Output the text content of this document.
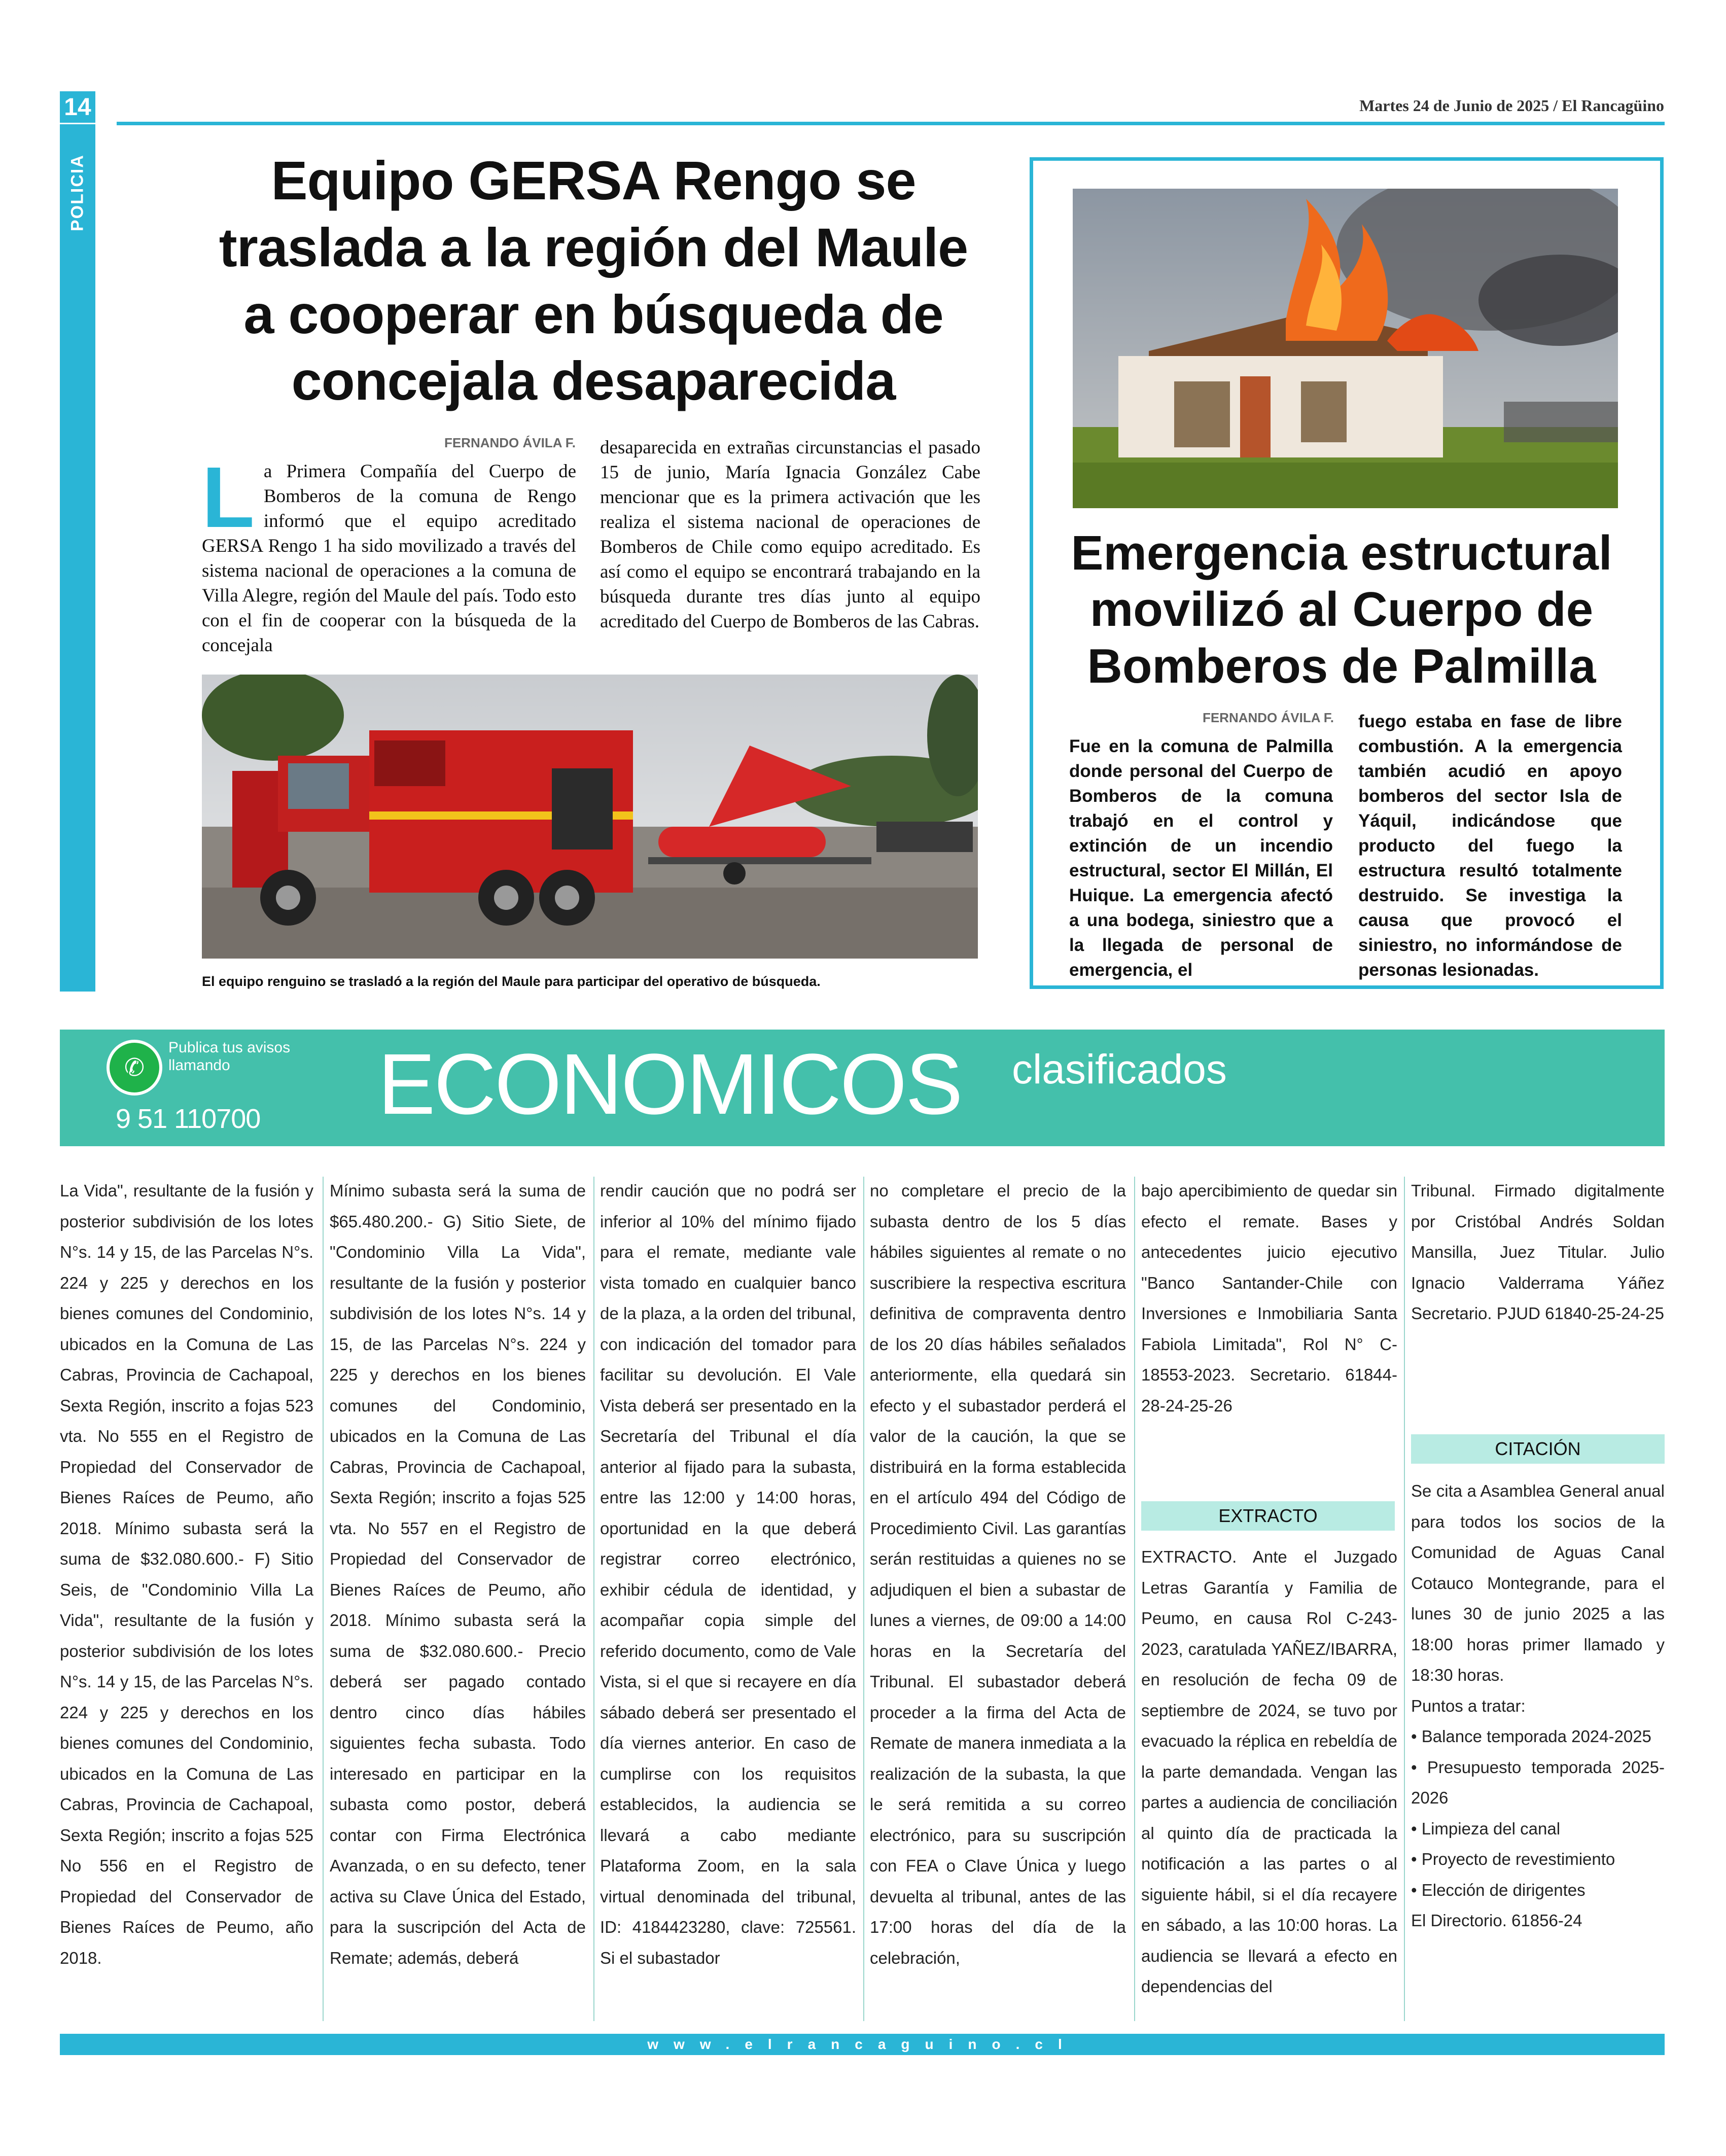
14
POLICIA
Martes 24 de Junio de 2025 / El Rancagüino
Equipo GERSA Rengo se traslada a la región del Maule a cooperar en búsqueda de concejala desaparecida
FERNANDO ÁVILA F.
La Primera Compañía del Cuerpo de Bomberos de la comuna de Rengo informó que el equipo acreditado GERSA Rengo 1 ha sido movilizado a través del sistema nacional de operaciones a la comuna de Villa Alegre, región del Maule del país. Todo esto con el fin de cooperar con la búsqueda de la concejala
desaparecida en extrañas circunstancias el pasado 15 de junio, María Ignacia González Cabe mencionar que es la primera activación que les realiza el sistema nacional de operaciones de Bomberos de Chile como equipo acreditado. Es así como el equipo se encontrará trabajando en la búsqueda durante tres días junto al equipo acreditado del Cuerpo de Bomberos de las Cabras.
El equipo renguino se trasladó a la región del Maule para participar del operativo de búsqueda.
Emergencia estructural movilizó al Cuerpo de Bomberos de Palmilla
FERNANDO ÁVILA F.
Fue en la comuna de Palmilla donde personal del Cuerpo de Bomberos de la comuna trabajó en el control y extinción de un incendio estructural, sector El Millán, El Huique. La emergencia afectó a una bodega, siniestro que a la llegada de personal de emergencia, el
fuego estaba en fase de libre combustión. A la emergencia también acudió en apoyo bomberos del sector Isla de Yáquil, indicándose que producto del fuego la estructura resultó totalmente destruido. Se investiga la causa que provocó el siniestro, no informándose de personas lesionadas.
✆
Publica tus avisos llamando
9 51 110700 ECONOMICOS clasificados
La Vida", resultante de la fusión y posterior subdivisión de los lotes N°s. 14 y 15, de las Parcelas N°s. 224 y 225 y derechos en los bienes comunes del Condominio, ubicados en la Comuna de Las Cabras, Provincia de Cachapoal, Sexta Región, inscrito a fojas 523 vta. No 555 en el Registro de Propiedad del Conservador de Bienes Raíces de Peumo, año 2018. Mínimo subasta será la suma de $32.080.600.- F) Sitio Seis, de "Condominio Villa La Vida", resultante de la fusión y posterior subdivisión de los lotes N°s. 14 y 15, de las Parcelas N°s. 224 y 225 y derechos en los bienes comunes del Condominio, ubicados en la Comuna de Las Cabras, Provincia de Cachapoal, Sexta Región; inscrito a fojas 525 No 556 en el Registro de Propiedad del Conservador de Bienes Raíces de Peumo, año 2018.
Mínimo subasta será la suma de $65.480.200.- G) Sitio Siete, de "Condominio Villa La Vida", resultante de la fusión y posterior subdivisión de los lotes N°s. 14 y 15, de las Parcelas N°s. 224 y 225 y derechos en los bienes comunes del Condominio, ubicados en la Comuna de Las Cabras, Provincia de Cachapoal, Sexta Región; inscrito a fojas 525 vta. No 557 en el Registro de Propiedad del Conservador de Bienes Raíces de Peumo, año 2018. Mínimo subasta será la suma de $32.080.600.- Precio deberá ser pagado contado dentro cinco días hábiles siguientes fecha subasta. Todo interesado en participar en la subasta como postor, deberá contar con Firma Electrónica Avanzada, o en su defecto, tener activa su Clave Única del Estado, para la suscripción del Acta de Remate; además, deberá
rendir caución que no podrá ser inferior al 10% del mínimo fijado para el remate, mediante vale vista tomado en cualquier banco de la plaza, a la orden del tribunal, con indicación del tomador para facilitar su devolución. El Vale Vista deberá ser presentado en la Secretaría del Tribunal el día anterior al fijado para la subasta, entre las 12:00 y 14:00 horas, oportunidad en la que deberá registrar correo electrónico, exhibir cédula de identidad, y acompañar copia simple del referido documento, como de Vale Vista, si el que si recayere en día sábado deberá ser presentado el día viernes anterior. En caso de cumplirse con los requisitos establecidos, la audiencia se llevará a cabo mediante Plataforma Zoom, en la sala virtual denominada del tribunal, ID: 4184423280, clave: 725561. Si el subastador
no completare el precio de la subasta dentro de los 5 días hábiles siguientes al remate o no suscribiere la respectiva escritura definitiva de compraventa dentro de los 20 días hábiles señalados anteriormente, ella quedará sin efecto y el subastador perderá el valor de la caución, la que se distribuirá en la forma establecida en el artículo 494 del Código de Procedimiento Civil. Las garantías serán restituidas a quienes no se adjudiquen el bien a subastar de lunes a viernes, de 09:00 a 14:00 horas en la Secretaría del Tribunal. El subastador deberá proceder a la firma del Acta de Remate de manera inmediata a la realización de la subasta, la que le será remitida a su correo electrónico, para su suscripción con FEA o Clave Única y luego devuelta al tribunal, antes de las 17:00 horas del día de la celebración,
bajo apercibimiento de quedar sin efecto el remate. Bases y antecedentes juicio ejecutivo "Banco Santander-Chile con Inversiones e Inmobiliaria Santa Fabiola Limitada", Rol N° C-18553-2023. Secretario. 61844-28-24-25-26
EXTRACTO
EXTRACTO. Ante el Juzgado Letras Garantía y Familia de Peumo, en causa Rol C-243-2023, caratulada YAÑEZ/IBARRA, en resolución de fecha 09 de septiembre de 2024, se tuvo por evacuado la réplica en rebeldía de la parte demandada. Vengan las partes a audiencia de conciliación al quinto día de practicada la notificación a las partes o al siguiente hábil, si el día recayere en sábado, a las 10:00 horas. La audiencia se llevará a efecto en dependencias del
Tribunal. Firmado digitalmente por Cristóbal Andrés Soldan Mansilla, Juez Titular. Julio Ignacio Valderrama Yáñez Secretario. PJUD 61840-25-24-25
CITACIÓN

Se cita a Asamblea General anual para todos los socios de la Comunidad de Aguas Canal Cotauco Montegrande, para el lunes 30 de junio 2025 a las 18:00 horas primer llamado y 18:30 horas.

Puntos a tratar:

• Balance temporada 2024-2025
• Presupuesto temporada 2025-2026
• Limpieza del canal
• Proyecto de revestimiento
• Elección de dirigentes

El Directorio. 61856-24

www.elrancaguino.cl
